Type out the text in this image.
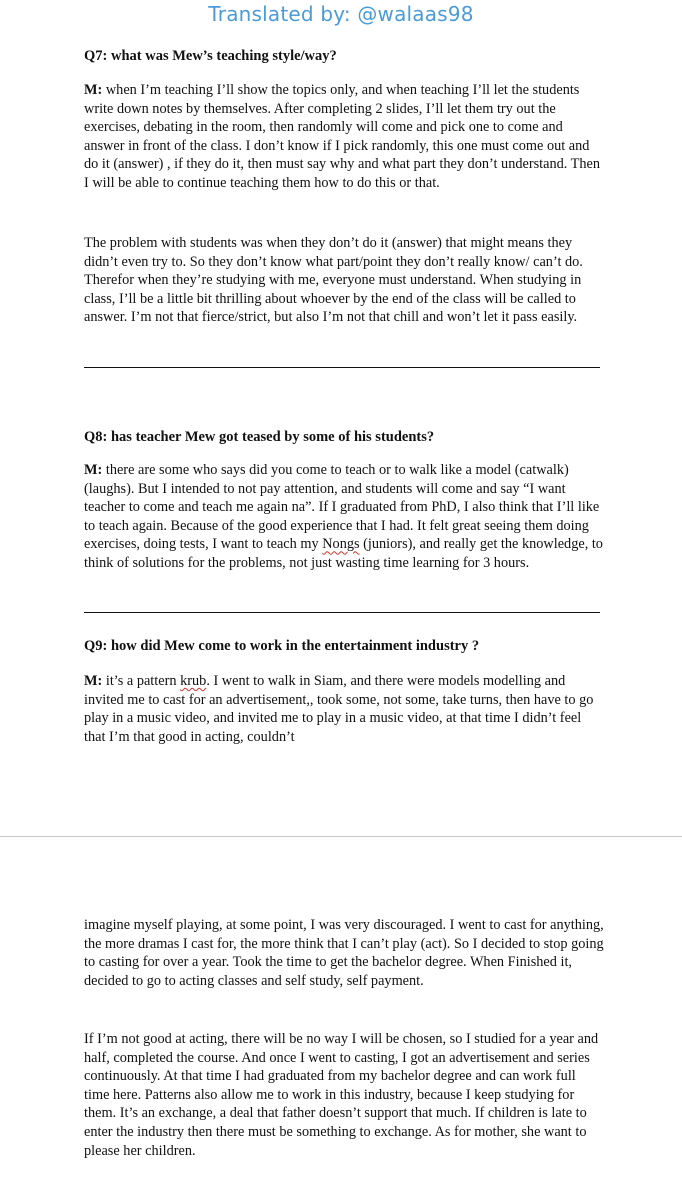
Translated by: @walaas98
Q7: what was Mew’s teaching style/way?

M: when I’m teaching I’ll show the topics only, and when teaching I’ll let the students write down notes by themselves. After completing 2 slides, I’ll let them try out the exercises, debating in the room, then randomly will come and pick one to come and answer in front of the class. I don’t know if I pick randomly, this one must come out and do it (answer) , if they do it, then must say why and what part they don’t understand. Then I will be able to continue teaching them how to do this or that.

The problem with students was when they don’t do it (answer) that might means they didn’t even try to. So they don’t know what part/point they don’t really know/ can’t do. Therefor when they’re studying with me, everyone must understand. When studying in class, I’ll be a little bit thrilling about whoever by the end of the class will be called to answer. I’m not that fierce/strict, but also I’m not that chill and won’t let it pass easily.

Q8: has teacher Mew got teased by some of his students?

M: there are some who says did you come to teach or to walk like a model (catwalk) (laughs). But I intended to not pay attention, and students will come and say “I want teacher to come and teach me again na”. If I graduated from PhD, I also think that I’ll like to teach again. Because of the good experience that I had. It felt great seeing them doing exercises, doing tests, I want to teach my Nongs (juniors), and really get the knowledge, to think of solutions for the problems, not just wasting time learning for 3 hours.

Q9: how did Mew come to work in the entertainment industry ?

M: it’s a pattern krub. I went to walk in Siam, and there were models modelling and invited me to cast for an advertisement,, took some, not some, take turns, then have to go play in a music video, and invited me to play in a music video, at that time I didn’t feel that I’m that good in acting, couldn’t

imagine myself playing, at some point, I was very discouraged. I went to cast for anything, the more dramas I cast for, the more think that I can’t play (act). So I decided to stop going to casting for over a year. Took the time to get the bachelor degree. When Finished it, decided to go to acting classes and self study, self payment.

If I’m not good at acting, there will be no way I will be chosen, so I studied for a year and half, completed the course. And once I went to casting, I got an advertisement and series continuously. At that time I had graduated from my bachelor degree and can work full time here. Patterns also allow me to work in this industry, because I keep studying for them. It’s an exchange, a deal that father doesn’t support that much. If children is late to enter the industry then there must be something to exchange. As for mother, she want to please her children.
